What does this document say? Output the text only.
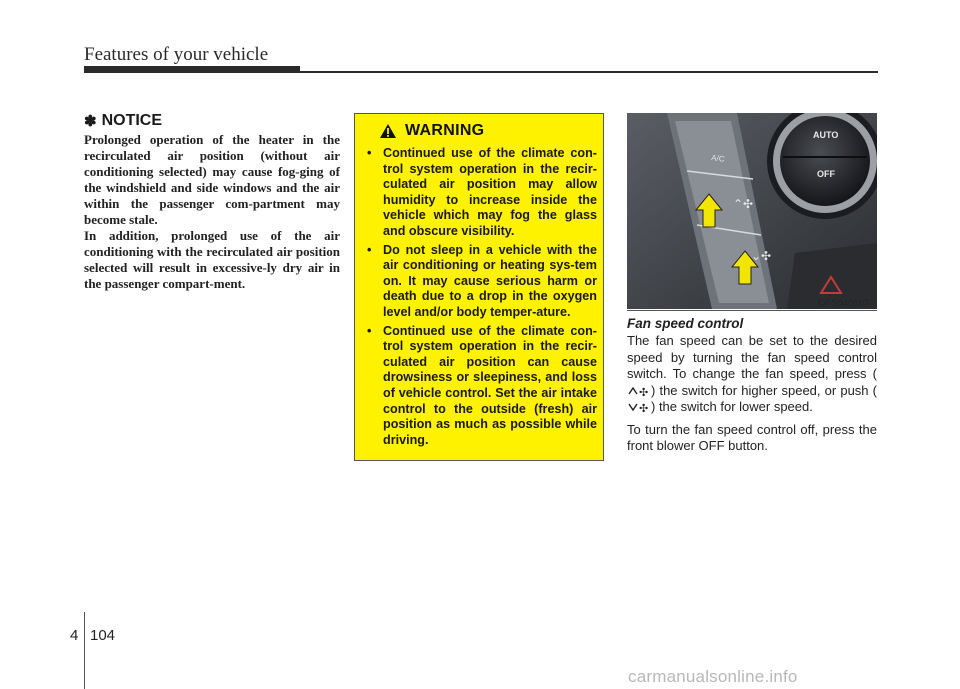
Features of your vehicle
✽ NOTICE

Prolonged operation of the heater in the recirculated air position (without air conditioning selected) may cause fog-ging of the windshield and side windows and the air within the passenger com-partment may become stale.

In addition, prolonged use of the air conditioning with the recirculated air position selected will result in excessive-ly dry air in the passenger compart-ment.

WARNING
• Continued use of the climate con-trol system operation in the recir-culated air position may allow humidity to increase inside the vehicle which may fog the glass and obscure visibility.
• Do not sleep in a vehicle with the air conditioning or heating sys-tem on. It may cause serious harm or death due to a drop in the oxygen level and/or body temper-ature.
• Continued use of the climate con-trol system operation in the recir-culated air position can cause drowsiness or sleepiness, and loss of vehicle control. Set the air intake control to the outside (fresh) air position as much as possible while driving.
⌃✣
⌄✣
AUTO
OFF
A/C
OFS040107
Fan speed control

The fan speed can be set to the desired speed by turning the fan speed control switch. To change the fan speed, press (
✣ ) the switch for higher speed, or push (
✣ ) the switch for lower speed.

To turn the fan speed control off, press the front blower OFF button.

4 104
carmanualsonline.info
